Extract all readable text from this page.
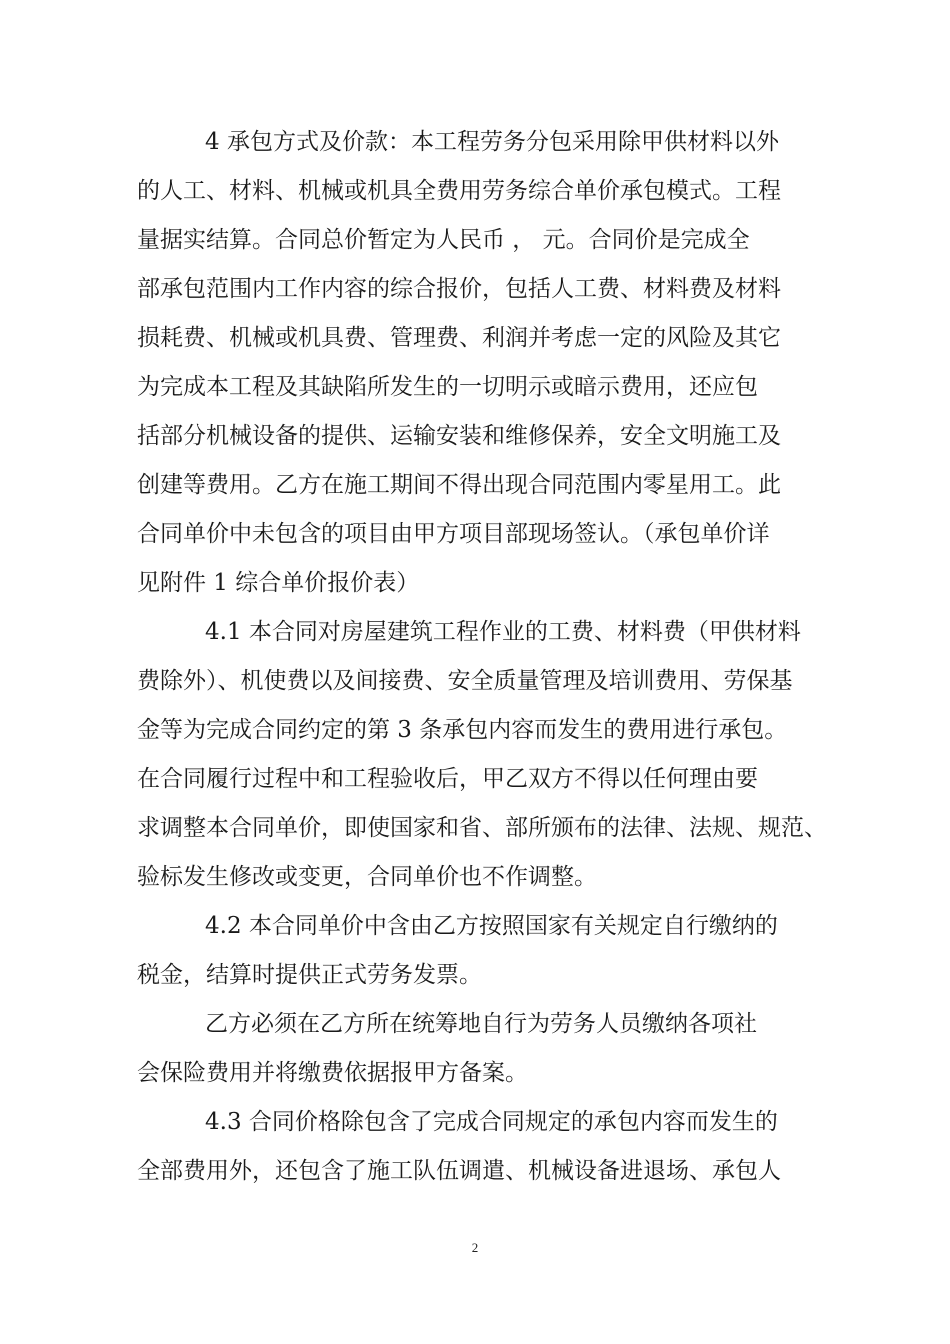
4 承包方式及价款：本工程劳务分包采用除甲供材料以外
的人工、材料、机械或机具全费用劳务综合单价承包模式。工程
量据实结算。合同总价暂定为人民币 ， 元。合同价是完成全
部承包范围内工作内容的综合报价，包括人工费、材料费及材料
损耗费、机械或机具费、管理费、利润并考虑一定的风险及其它
为完成本工程及其缺陷所发生的一切明示或暗示费用，还应包
括部分机械设备的提供、运输安装和维修保养，安全文明施工及
创建等费用。乙方在施工期间不得出现合同范围内零星用工。此
合同单价中未包含的项目由甲方项目部现场签认。（承包单价详
见附件 1 综合单价报价表）
4.1 本合同对房屋建筑工程作业的工费、材料费（甲供材料
费除外）、机使费以及间接费、安全质量管理及培训费用、劳保基
金等为完成合同约定的第 3 条承包内容而发生的费用进行承包。
在合同履行过程中和工程验收后，甲乙双方不得以任何理由要
求调整本合同单价，即使国家和省、部所颁布的法律、法规、规范、
验标发生修改或变更，合同单价也不作调整。
4.2 本合同单价中含由乙方按照国家有关规定自行缴纳的
税金，结算时提供正式劳务发票。
乙方必须在乙方所在统筹地自行为劳务人员缴纳各项社
会保险费用并将缴费依据报甲方备案。
4.3 合同价格除包含了完成合同规定的承包内容而发生的
全部费用外，还包含了施工队伍调遣、机械设备进退场、承包人
2
